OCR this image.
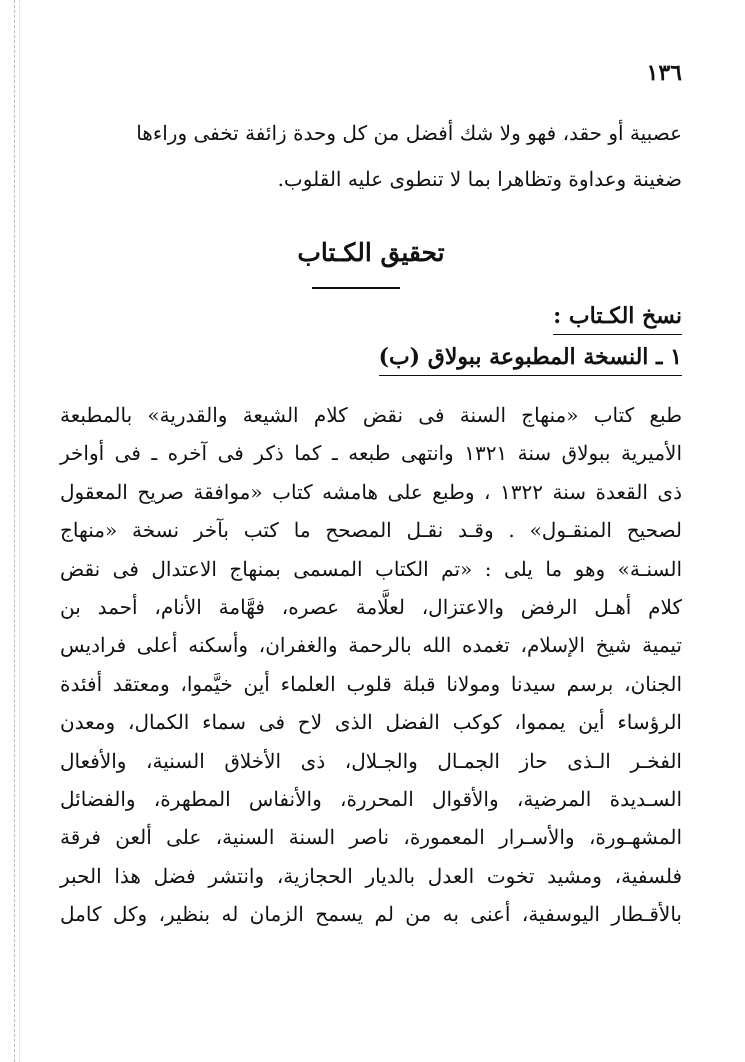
١٣٦
عصبية أو حقد، فهو ولا شك أفضل من كل وحدة زائفة تخفى وراءها
ضغينة وعداوة وتظاهرا بما لا تنطوى عليه القلوب.
تحقيق الكـتاب
نسخ الكـتاب :
١ ـ النسخة المطبوعة ببولاق (ب)
طبع كتاب «منهاج السنة فى نقض كلام الشيعة والقدرية» بالمطبعة
الأميرية ببولاق سنة ١٣٢١ وانتهى طبعه ـ كما ذكر فى آخره ـ فى أواخر
ذى القعدة سنة ١٣٢٢ ، وطبع على هامشه كتاب «موافقة صريح المعقول
لصحيح المنقـول» . وقـد نقـل المصحح ما كتب بآخر نسخة «منهاج
السنـة» وهو ما يلى : «تم الكتاب المسمى بمنهاج الاعتدال فى نقض
كلام أهـل الرفض والاعتزال، لعلَّامة عصره، فهَّامة الأنام، أحمد بن
تيمية شيخ الإسلام، تغمده الله بالرحمة والغفران، وأسكنه أعلى فراديس
الجنان، برسم سيدنا ومولانا قبلة قلوب العلماء أين خيَّموا، ومعتقد أفئدة
الرؤساء أين يمموا، كوكب الفضل الذى لاح فى سماء الكمال، ومعدن
الفخـر الـذى حاز الجمـال والجـلال، ذى الأخلاق السنية، والأفعال
السـديدة المرضية، والأقوال المحررة، والأنفاس المطهرة، والفضائل
المشهـورة، والأسـرار المعمورة، ناصر السنة السنية، على ألعن فرقة
فلسفية، ومشيد تخوت العدل بالديار الحجازية، وانتشر فضل هذا الحبر
بالأقـطار اليوسفية، أعنى به من لم يسمح الزمان له بنظير، وكل كامل
